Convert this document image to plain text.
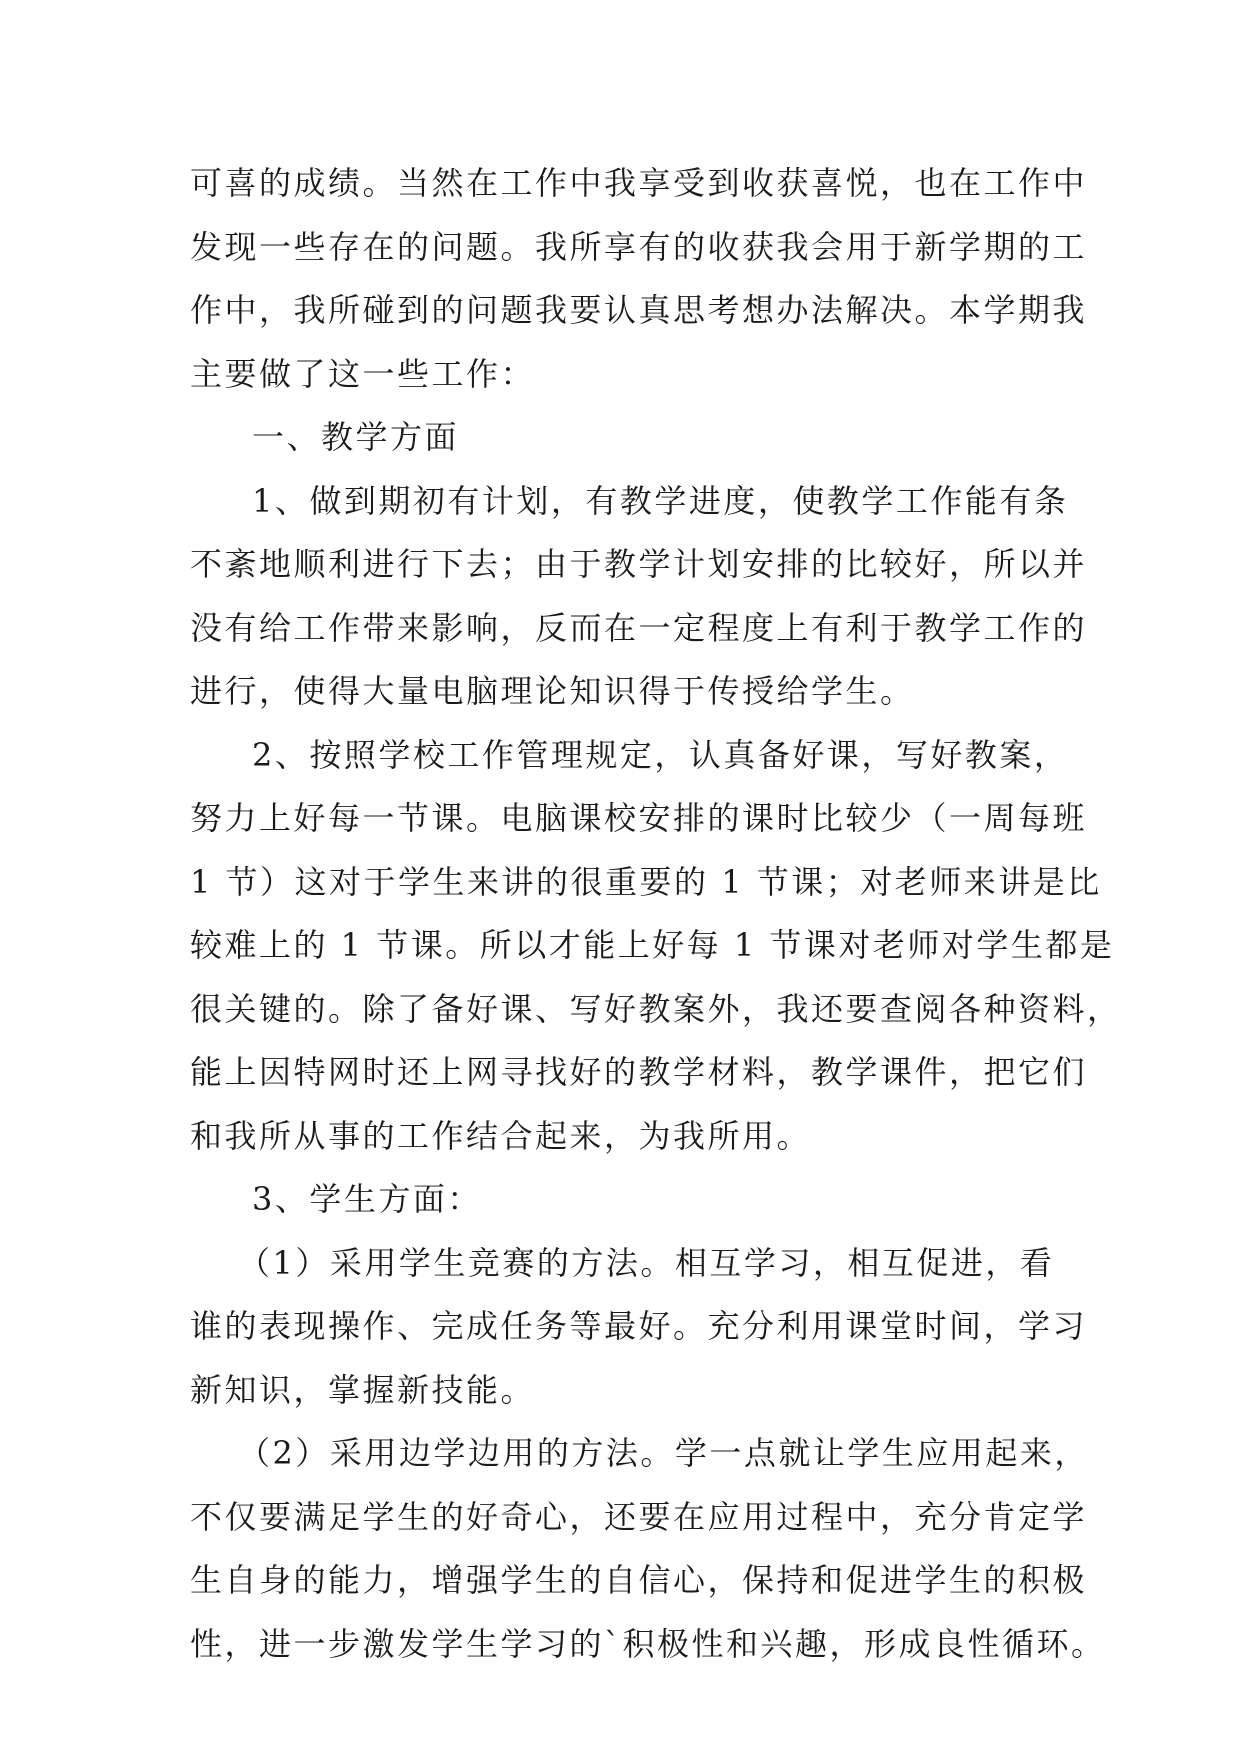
可喜的成绩。当然在工作中我享受到收获喜悦，也在工作中
发现一些存在的问题。我所享有的收获我会用于新学期的工
作中，我所碰到的问题我要认真思考想办法解决。本学期我
主要做了这一些工作：
一、教学方面
1、做到期初有计划，有教学进度，使教学工作能有条
不紊地顺利进行下去；由于教学计划安排的比较好，所以并
没有给工作带来影响，反而在一定程度上有利于教学工作的
进行，使得大量电脑理论知识得于传授给学生。
2、按照学校工作管理规定，认真备好课，写好教案，
努力上好每一节课。电脑课校安排的课时比较少（一周每班
1 节）这对于学生来讲的很重要的 1 节课；对老师来讲是比
较难上的 1 节课。所以才能上好每 1 节课对老师对学生都是
很关键的。除了备好课、写好教案外，我还要查阅各种资料，
能上因特网时还上网寻找好的教学材料，教学课件，把它们
和我所从事的工作结合起来，为我所用。
3、学生方面：
（1）采用学生竞赛的方法。相互学习，相互促进，看
谁的表现操作、完成任务等最好。充分利用课堂时间，学习
新知识，掌握新技能。
（2）采用边学边用的方法。学一点就让学生应用起来，
不仅要满足学生的好奇心，还要在应用过程中，充分肯定学
生自身的能力，增强学生的自信心，保持和促进学生的积极
性，进一步激发学生学习的`积极性和兴趣，形成良性循环。
